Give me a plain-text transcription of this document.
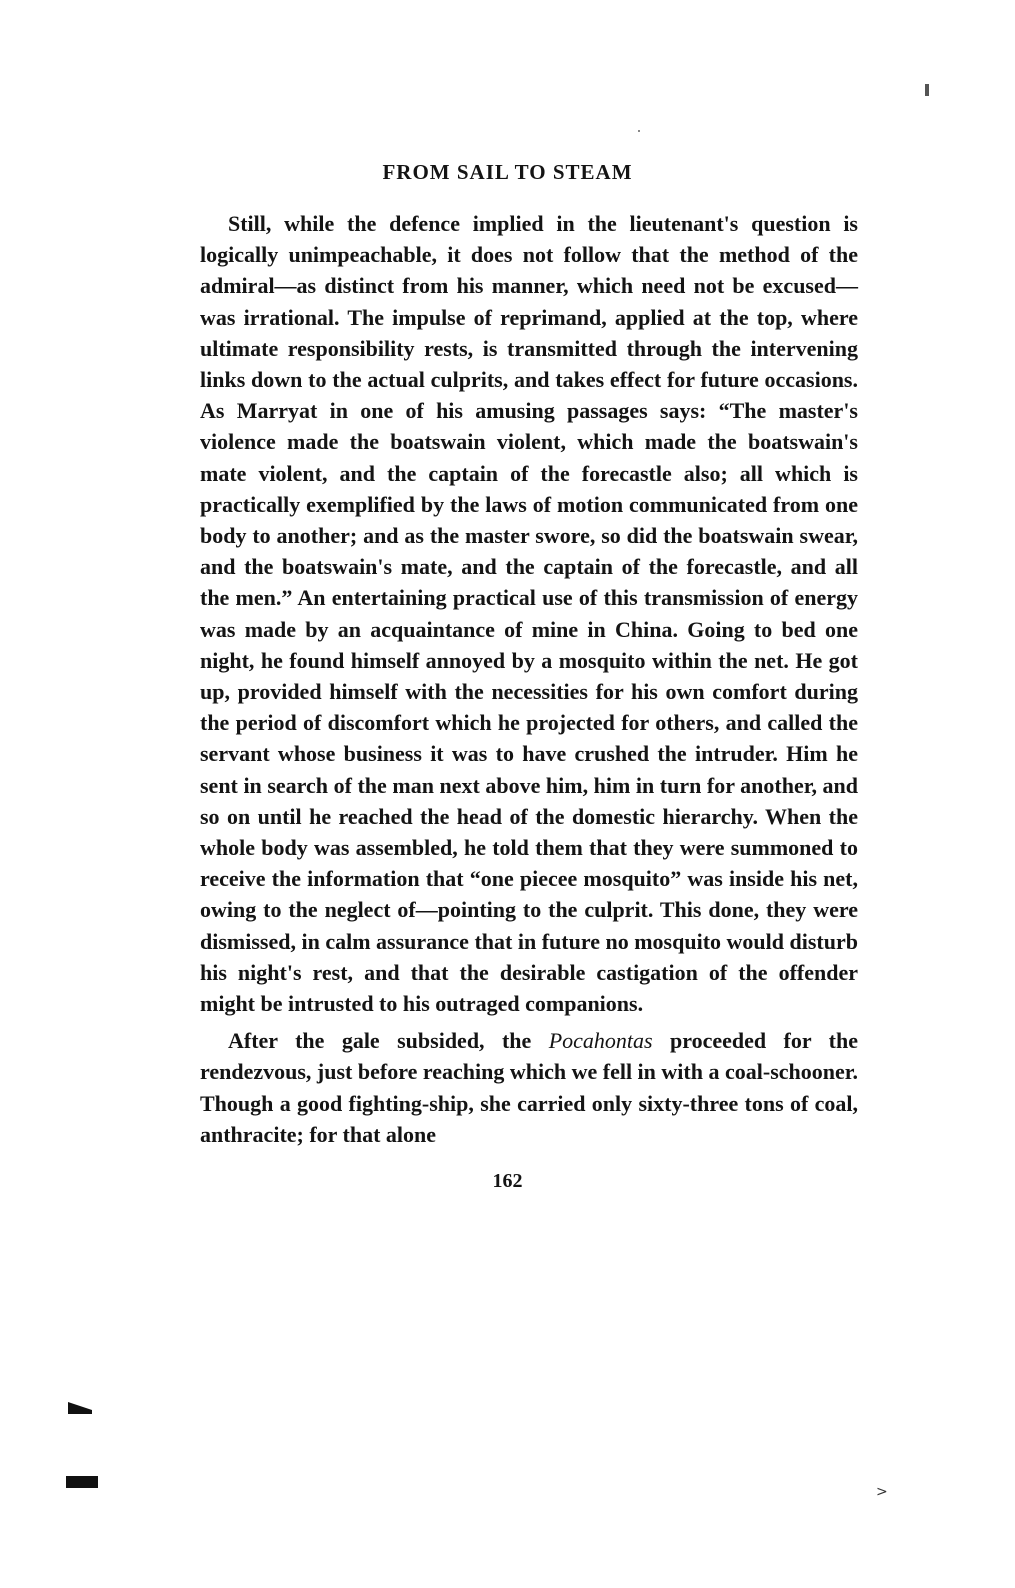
FROM SAIL TO STEAM

Still, while the defence implied in the lieutenant's question is logically unimpeachable, it does not follow that the method of the admiral—as distinct from his manner, which need not be excused—was irrational. The impulse of reprimand, applied at the top, where ultimate responsibility rests, is transmitted through the intervening links down to the actual culprits, and takes effect for future occasions. As Marryat in one of his amusing passages says: “The master's violence made the boatswain violent, which made the boatswain's mate violent, and the captain of the forecastle also; all which is practically exemplified by the laws of motion communicated from one body to another; and as the master swore, so did the boatswain swear, and the boatswain's mate, and the captain of the forecastle, and all the men.” An entertaining practical use of this transmission of energy was made by an acquaintance of mine in China. Going to bed one night, he found himself annoyed by a mosquito within the net. He got up, provided himself with the necessities for his own comfort during the period of discomfort which he projected for others, and called the servant whose business it was to have crushed the intruder. Him he sent in search of the man next above him, him in turn for another, and so on until he reached the head of the domestic hierarchy. When the whole body was assembled, he told them that they were summoned to receive the information that “one piecee mosquito” was inside his net, owing to the neglect of—pointing to the culprit. This done, they were dismissed, in calm assurance that in future no mosquito would disturb his night's rest, and that the desirable castigation of the offender might be intrusted to his outraged companions.

After the gale subsided, the Pocahontas proceeded for the rendezvous, just before reaching which we fell in with a coal-schooner. Though a good fighting-ship, she carried only sixty-three tons of coal, anthracite; for that alone

162
>
